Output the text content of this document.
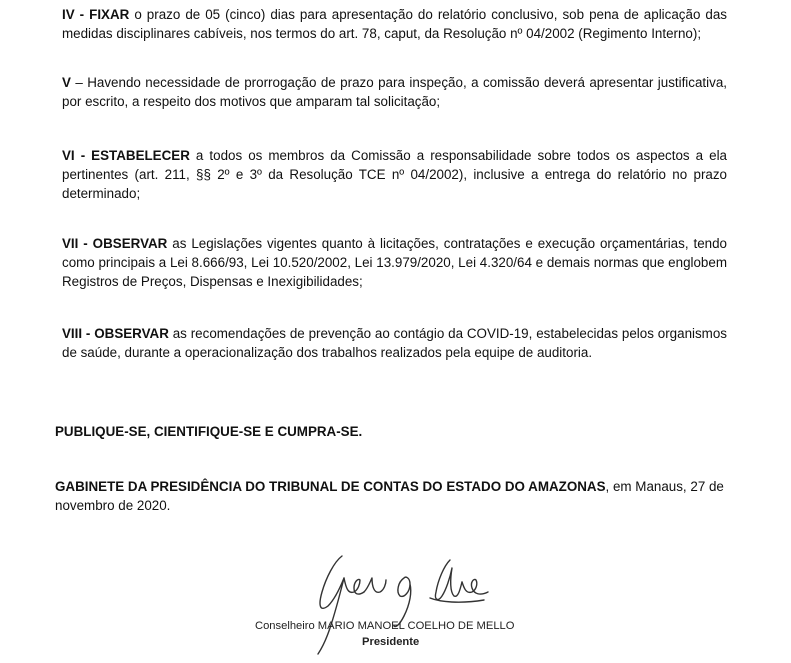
IV - FIXAR o prazo de 05 (cinco) dias para apresentação do relatório conclusivo, sob pena de aplicação das medidas disciplinares cabíveis, nos termos do art. 78, caput, da Resolução nº 04/2002 (Regimento Interno);

V – Havendo necessidade de prorrogação de prazo para inspeção, a comissão deverá apresentar justificativa, por escrito, a respeito dos motivos que amparam tal solicitação;

VI - ESTABELECER a todos os membros da Comissão a responsabilidade sobre todos os aspectos a ela pertinentes (art. 211, §§ 2º e 3º da Resolução TCE nº 04/2002), inclusive a entrega do relatório no prazo determinado;

VII - OBSERVAR as Legislações vigentes quanto à licitações, contratações e execução orçamentárias, tendo como principais a Lei 8.666/93, Lei 10.520/2002, Lei 13.979/2020, Lei 4.320/64 e demais normas que englobem Registros de Preços, Dispensas e Inexigibilidades;

VIII - OBSERVAR as recomendações de prevenção ao contágio da COVID-19, estabelecidas pelos organismos de saúde, durante a operacionalização dos trabalhos realizados pela equipe de auditoria.

PUBLIQUE-SE, CIENTIFIQUE-SE E CUMPRA-SE.

GABINETE DA PRESIDÊNCIA DO TRIBUNAL DE CONTAS DO ESTADO DO AMAZONAS, em Manaus, 27 de novembro de 2020.

Conselheiro MARIO MANOEL COELHO DE MELLO
Presidente
